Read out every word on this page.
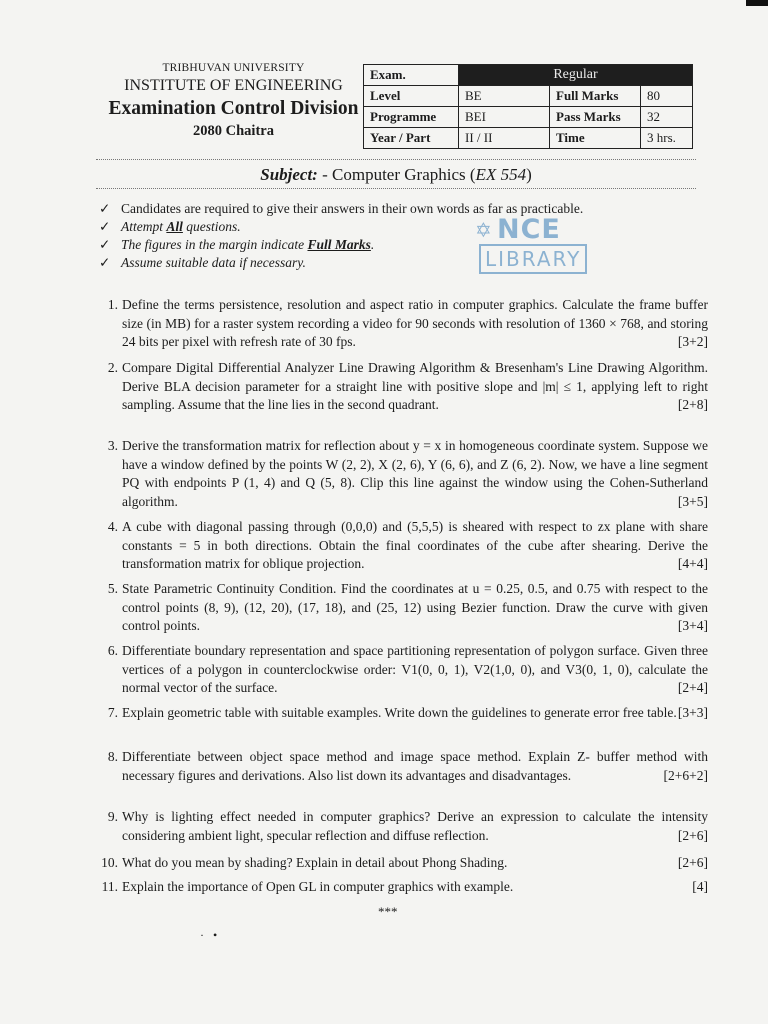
TRIBHUVAN UNIVERSITY
INSTITUTE OF ENGINEERING
Examination Control Division
2080 Chaitra
Exam.	Regular		
Level	BE	Full Marks	80
Programme	BEI	Pass Marks	32
Year / Part	II / II	Time	3 hrs.
Subject: - Computer Graphics (EX 554)
✓ Candidates are required to give their answers in their own words as far as practicable.
✓ Attempt All questions.
✓ The figures in the margin indicate Full Marks.
✓ Assume suitable data if necessary.
✡ NCE
LIBRARY
1. Define the terms persistence, resolution and aspect ratio in computer graphics. Calculate the frame buffer size (in MB) for a raster system recording a video for 90 seconds with resolution of 1360 × 768, and storing 24 bits per pixel with refresh rate of 30 fps.	[3+2]
2. Compare Digital Differential Analyzer Line Drawing Algorithm & Bresenham's Line Drawing Algorithm. Derive BLA decision parameter for a straight line with positive slope and |m| ≤ 1, applying left to right sampling. Assume that the line lies in the second quadrant.	[2+8]
3. Derive the transformation matrix for reflection about y = x in homogeneous coordinate system. Suppose we have a window defined by the points W (2, 2), X (2, 6), Y (6, 6), and Z (6, 2). Now, we have a line segment PQ with endpoints P (1, 4) and Q (5, 8). Clip this line against the window using the Cohen-Sutherland algorithm.	[3+5]
4. A cube with diagonal passing through (0,0,0) and (5,5,5) is sheared with respect to zx plane with share constants = 5 in both directions. Obtain the final coordinates of the cube after shearing. Derive the transformation matrix for oblique projection.	[4+4]
5. State Parametric Continuity Condition. Find the coordinates at u = 0.25, 0.5, and 0.75 with respect to the control points (8, 9), (12, 20), (17, 18), and (25, 12) using Bezier function. Draw the curve with given control points.	[3+4]
6. Differentiate boundary representation and space partitioning representation of polygon surface. Given three vertices of a polygon in counterclockwise order: V1(0, 0, 1), V2(1,0, 0), and V3(0, 1, 0), calculate the normal vector of the surface.	[2+4]
7. Explain geometric table with suitable examples. Write down the guidelines to generate error free table. [3+3]
8. Differentiate between object space method and image space method. Explain Z- buffer method with necessary figures and derivations. Also list down its advantages and disadvantages.	[2+6+2]
9. Why is lighting effect needed in computer graphics? Derive an expression to calculate the intensity considering ambient light, specular reflection and diffuse reflection.	[2+6]
10.	[2+6]
What do you mean by shading? Explain in detail about Phong Shading.
11.	[4]
Explain the importance of Open GL in computer graphics with example.
***
·   •
